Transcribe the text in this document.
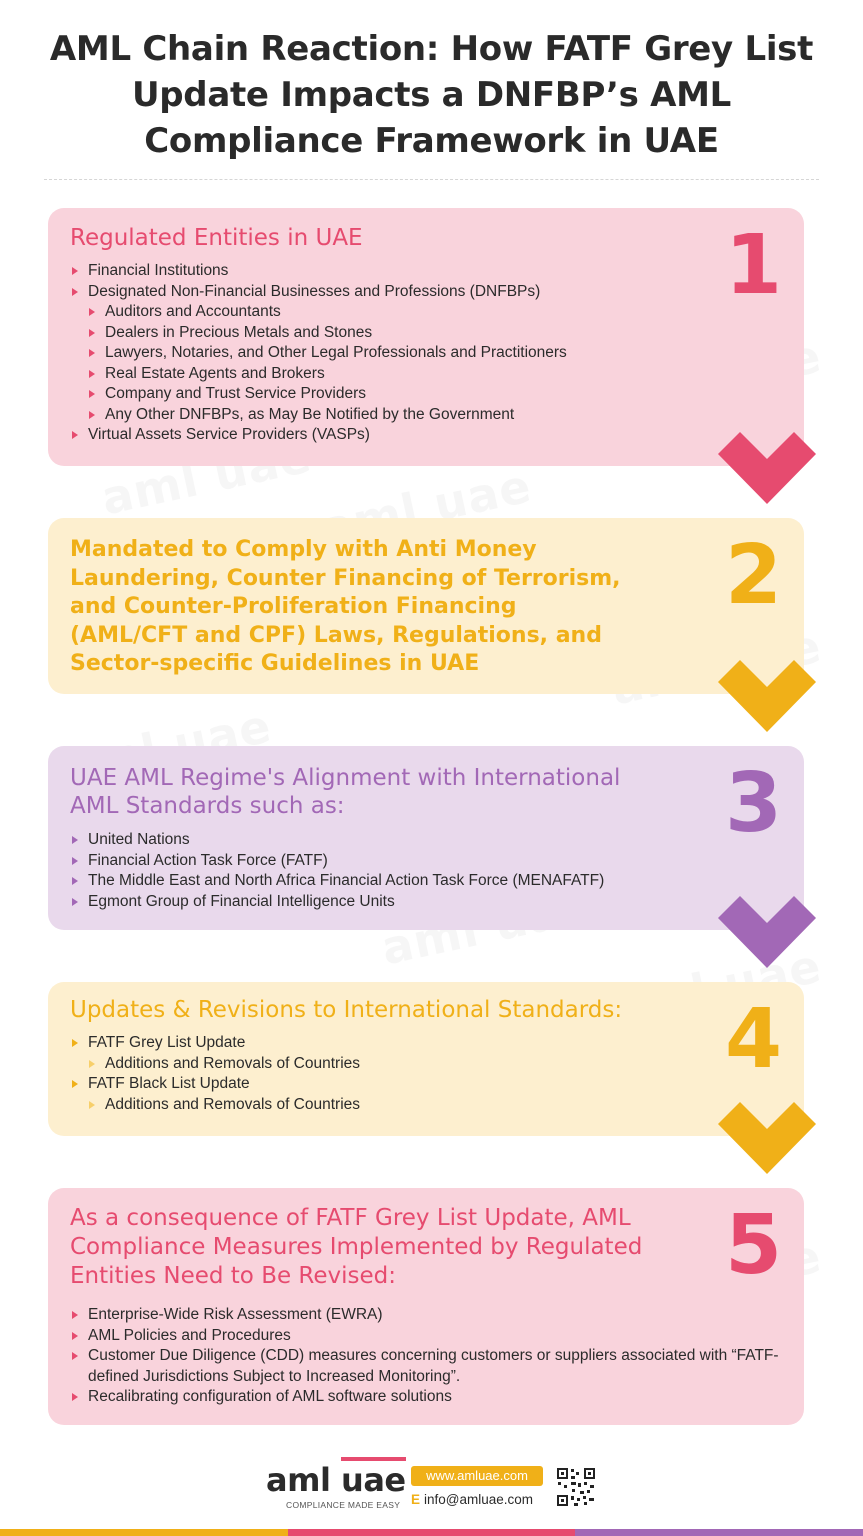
AML Chain Reaction: How FATF Grey List Update Impacts a DNFBP’s AML Compliance Framework in UAE
1
Regulated Entities in UAE
Financial Institutions
Designated Non-Financial Businesses and Professions (DNFBPs)
Auditors and Accountants
Dealers in Precious Metals and Stones
Lawyers, Notaries, and Other Legal Professionals and Practitioners
Real Estate Agents and Brokers
Company and Trust Service Providers
Any Other DNFBPs, as May Be Notified by the Government
Virtual Assets Service Providers (VASPs)
2
Mandated to Comply with Anti Money Laundering, Counter Financing of Terrorism, and Counter-Proliferation Financing (AML/CFT and CPF) Laws, Regulations, and Sector-specific Guidelines in UAE
3
UAE AML Regime's Alignment with International AML Standards such as:
United Nations
Financial Action Task Force (FATF)
The Middle East and North Africa Financial Action Task Force (MENAFATF)
Egmont Group of Financial Intelligence Units
4
Updates & Revisions to International Standards:
FATF Grey List Update
Additions and Removals of Countries
FATF Black List Update
Additions and Removals of Countries
5
As a consequence of FATF Grey List Update, AML Compliance Measures Implemented by Regulated Entities Need to Be Revised:
Enterprise-Wide Risk Assessment (EWRA)
AML Policies and Procedures
Customer Due Diligence (CDD) measures concerning customers or suppliers associated with “FATF-defined Jurisdictions Subject to Increased Monitoring”.
Recalibrating configuration of AML software solutions
aml uae
COMPLIANCE MADE EASY
www.amluae.com
E info@amluae.com
